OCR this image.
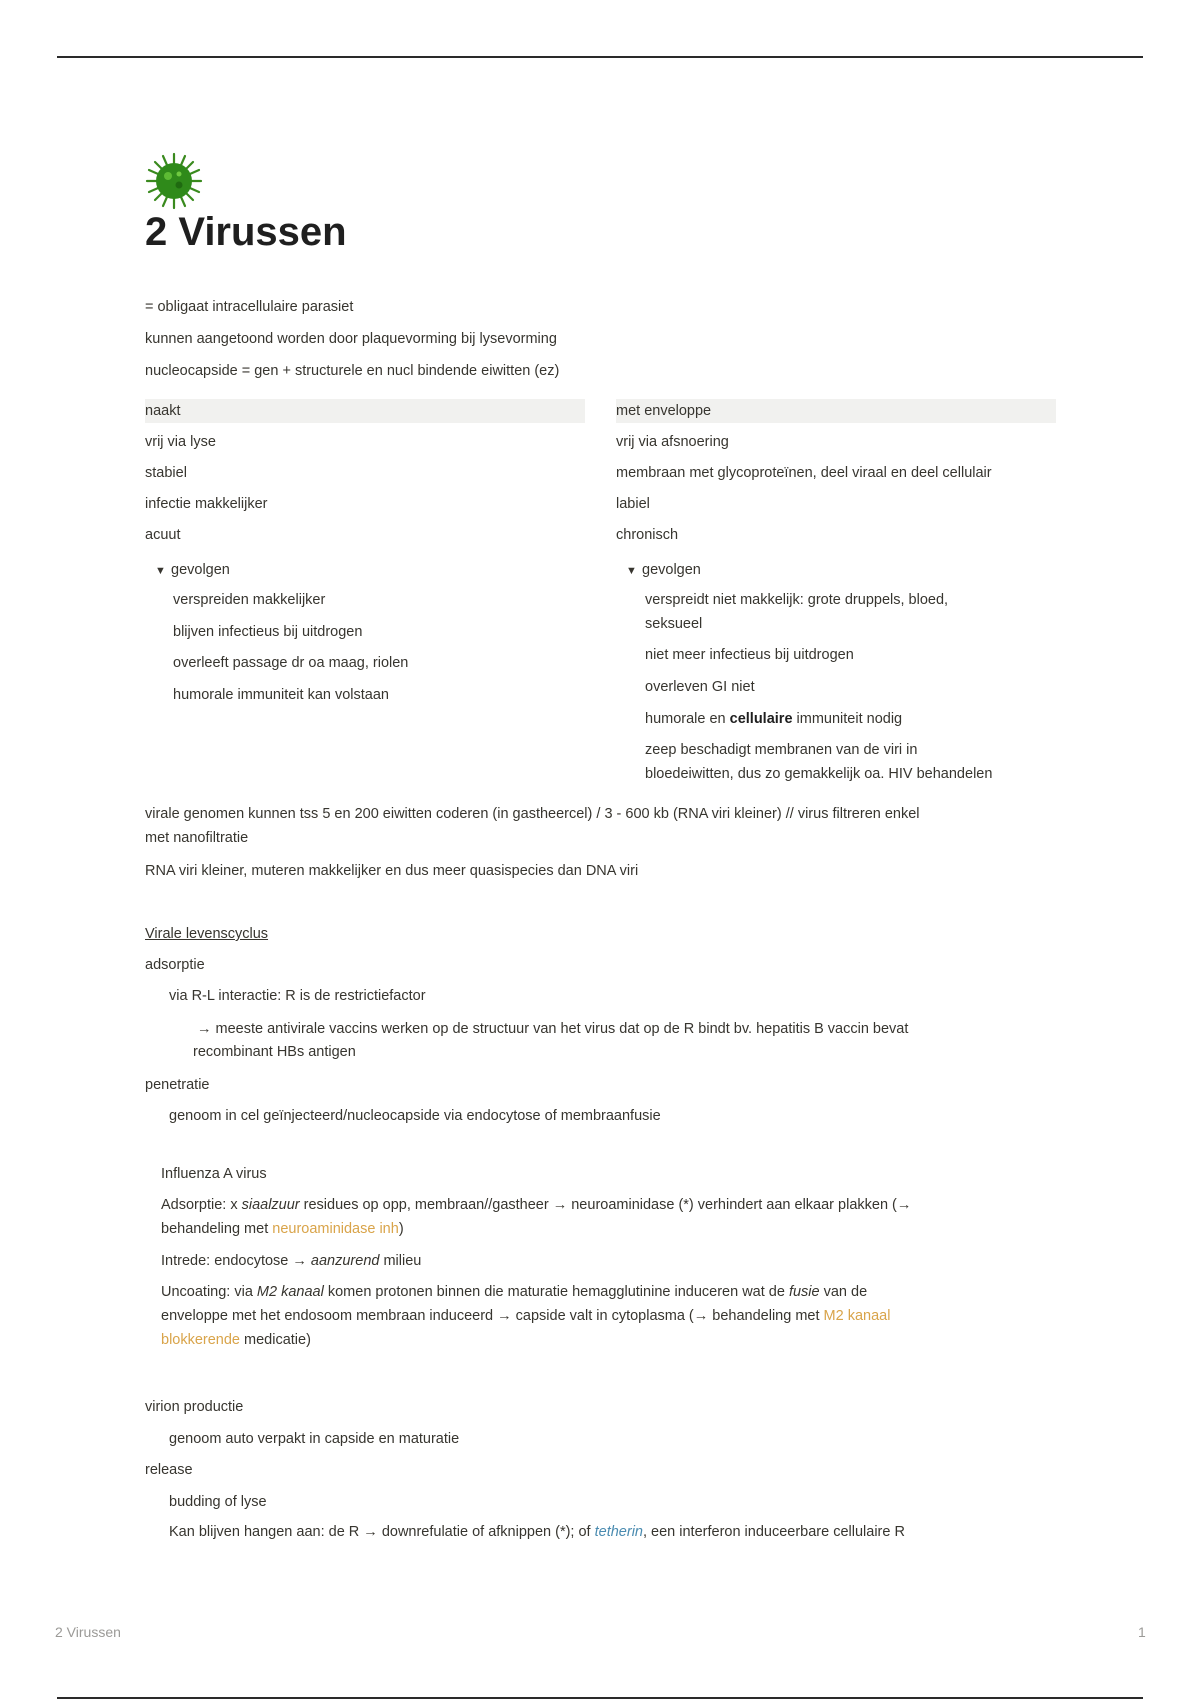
2 Virussen
= obligaat intracellulaire parasiet
kunnen aangetoond worden door plaquevorming bij lysevorming
nucleocapside = gen + structurele en nucl bindende eiwitten (ez)
naakt	met enveloppe
vrij via lyse
stabiel
infectie makkelijker
acuut
▼ gevolgen
verspreiden makkelijker
blijven infectieus bij uitdrogen
overleeft passage dr oa maag, riolen
humorale immuniteit kan volstaan
vrij via afsnoering
membraan met glycoproteïnen, deel viraal en deel cellulair
labiel
chronisch
▼ gevolgen
verspreidt niet makkelijk: grote druppels, bloed,
seksueel
niet meer infectieus bij uitdrogen
overleven GI niet
humorale en cellulaire immuniteit nodig
zeep beschadigt membranen van de viri in
bloedeiwitten, dus zo gemakkelijk oa. HIV behandelen
virale genomen kunnen tss 5 en 200 eiwitten coderen (in gastheercel) / 3 - 600 kb (RNA viri kleiner) // virus filtreren enkel
met nanofiltratie
RNA viri kleiner, muteren makkelijker en dus meer quasispecies dan DNA viri
Virale levenscyclus
adsorptie
via R-L interactie: R is de restrictiefactor
→ meeste antivirale vaccins werken op de structuur van het virus dat op de R bindt bv. hepatitis B vaccin bevat
recombinant HBs antigen
penetratie
genoom in cel geïnjecteerd/nucleocapside via endocytose of membraanfusie
Influenza A virus
Adsorptie: x siaalzuur residues op opp, membraan//gastheer → neuroaminidase (*) verhindert aan elkaar plakken (→
behandeling met neuroaminidase inh)
Intrede: endocytose → aanzurend milieu
Uncoating: via M2 kanaal komen protonen binnen die maturatie hemagglutinine induceren wat de fusie van de
enveloppe met het endosoom membraan induceerd → capside valt in cytoplasma (→ behandeling met M2 kanaal
blokkerende medicatie)
virion productie
genoom auto verpakt in capside en maturatie
release
budding of lyse
Kan blijven hangen aan: de R → downrefulatie of afknippen (*); of tetherin, een interferon induceerbare cellulaire R
2 Virussen	1
